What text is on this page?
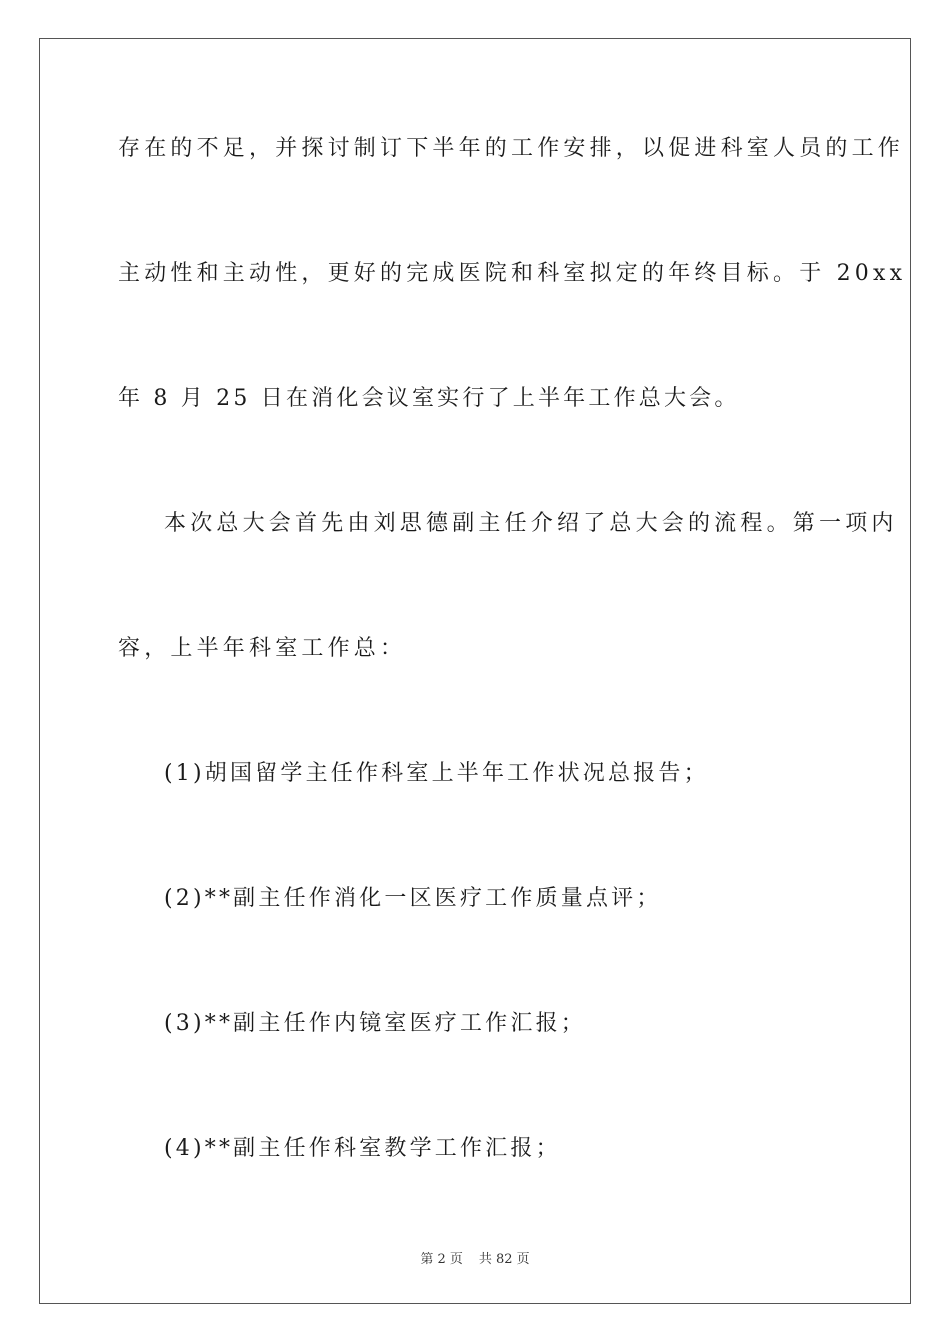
存在的不足，并探讨制订下半年的工作安排，以促进科室人员的工作
主动性和主动性，更好的完成医院和科室拟定的年终目标。于 20xx
年 8 月 25 日在消化会议室实行了上半年工作总大会。
本次总大会首先由刘思德副主任介绍了总大会的流程。第一项内
容，上半年科室工作总：
(1)胡国留学主任作科室上半年工作状况总报告；
(2)**副主任作消化一区医疗工作质量点评；
(3)**副主任作内镜室医疗工作汇报；
(4)**副主任作科室教学工作汇报；
第 2 页 共 82 页
